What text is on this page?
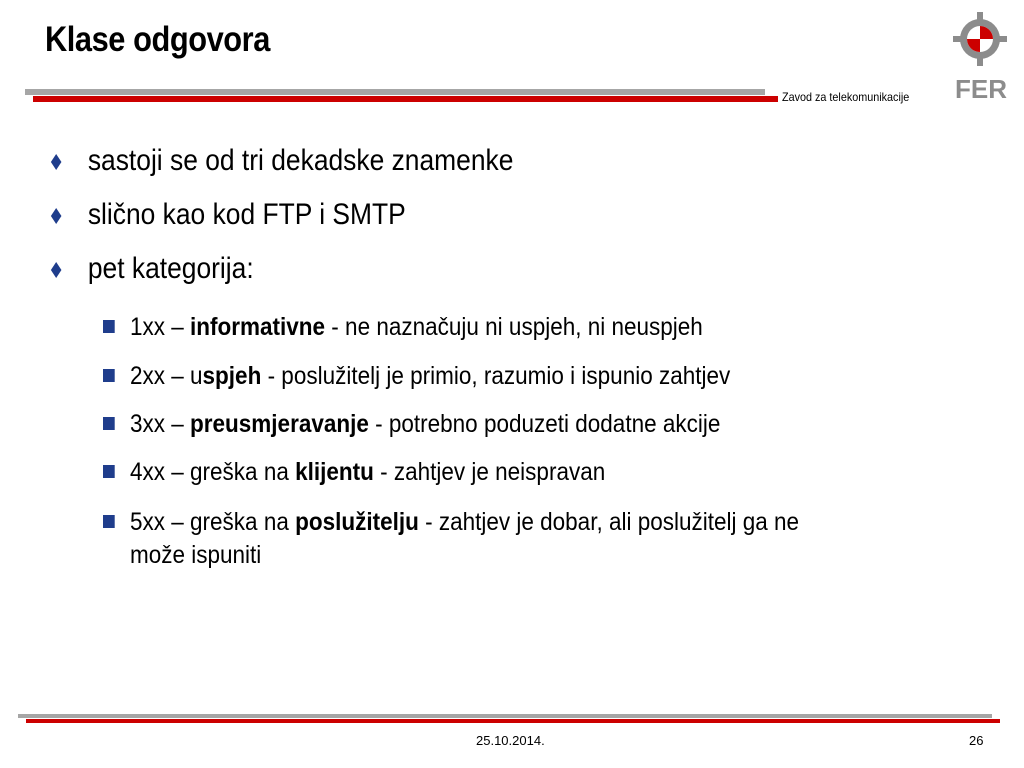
Klase odgovora
Zavod za telekomunikacije FER
sastoji se od tri dekadske znamenke
slično kao kod FTP i SMTP
pet kategorija:
1xx – informativne - ne naznačuju ni uspjeh, ni neuspjeh
2xx – uspjeh - poslužitelj je primio, razumio i ispunio zahtjev
3xx – preusmjeravanje - potrebno poduzeti dodatne akcije
4xx – greška na klijentu - zahtjev je neispravan
5xx – greška na poslužitelju - zahtjev je dobar, ali poslužitelj ga ne
može ispuniti
25.10.2014.	26
